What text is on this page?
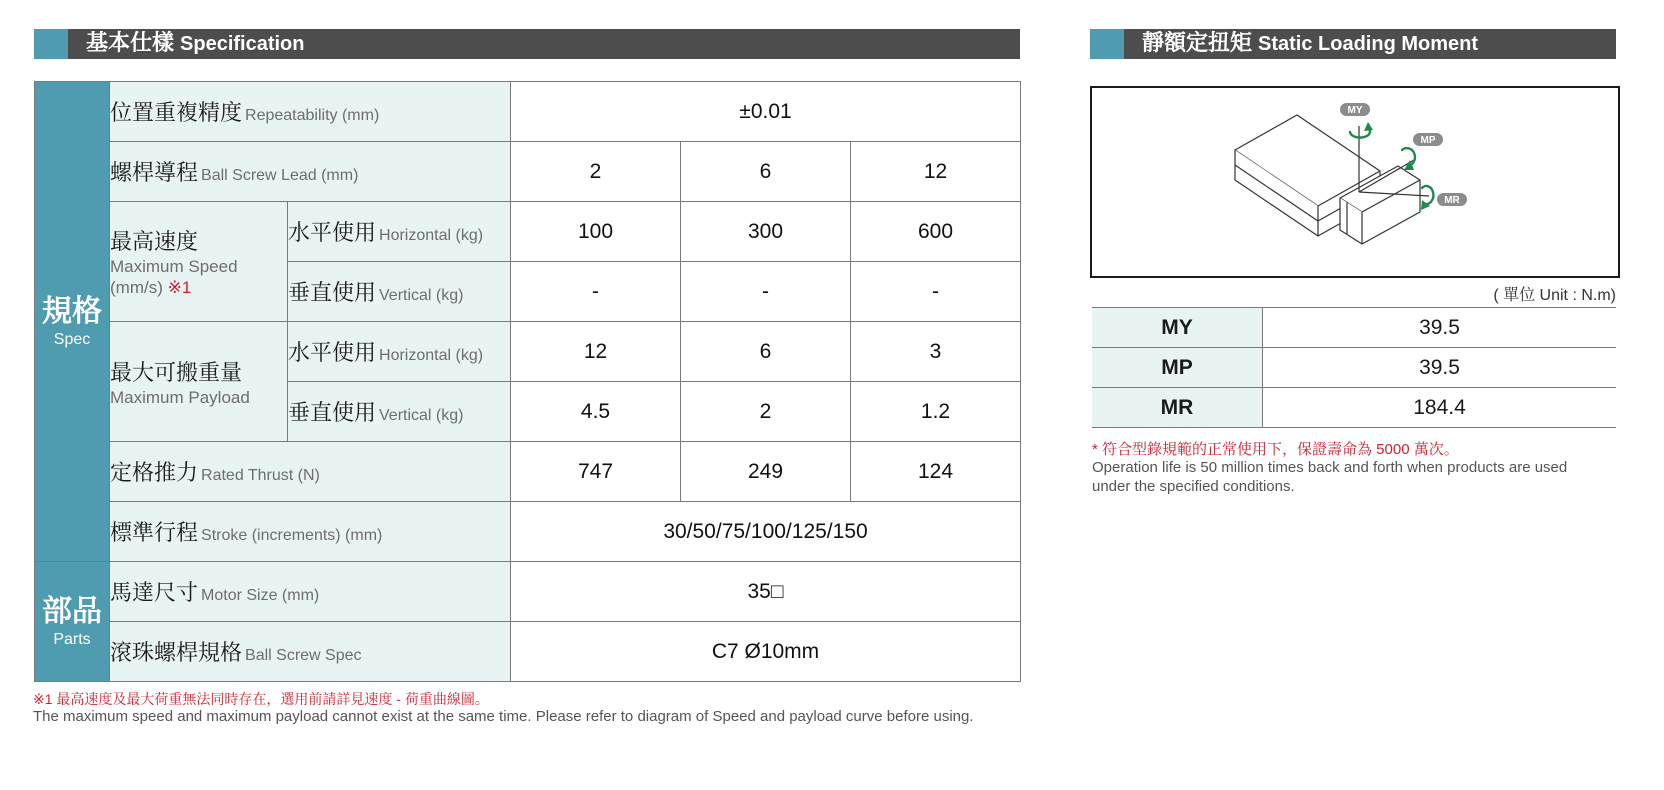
基本仕樣 Specification
規格
Spec	位置重複精度 Repeatability (mm)		±0.01		
	螺桿導程 Ball Screw Lead (mm)		2	6	12
	最高速度
Maximum Speed
(mm/s) ※1	水平使用 Horizontal (kg)	100	300	600
		垂直使用 Vertical (kg)	-	-	-
	最大可搬重量
Maximum Payload	水平使用 Horizontal (kg)	12	6	3
		垂直使用 Vertical (kg)	4.5	2	1.2
	定格推力 Rated Thrust (N)		747	249	124
	標準行程 Stroke (increments) (mm)		30/50/75/100/125/150		

部品
Parts	馬達尺寸 Motor Size (mm)		35□		
	滾珠螺桿規格 Ball Screw Spec		C7 Ø10mm		
※1 最高速度及最大荷重無法同時存在，選用前請詳見速度 - 荷重曲線圖。
The maximum speed and maximum payload cannot exist at the same time. Please refer to diagram of Speed and payload curve before using.
靜額定扭矩 Static Loading Moment
MY
MP
MR
( 單位 Unit : N.m)
MY	39.5
MP	39.5
MR	184.4
* 符合型錄規範的正常使用下，保證壽命為 5000 萬次。
Operation life is 50 million times back and forth when products are used under the specified conditions.
